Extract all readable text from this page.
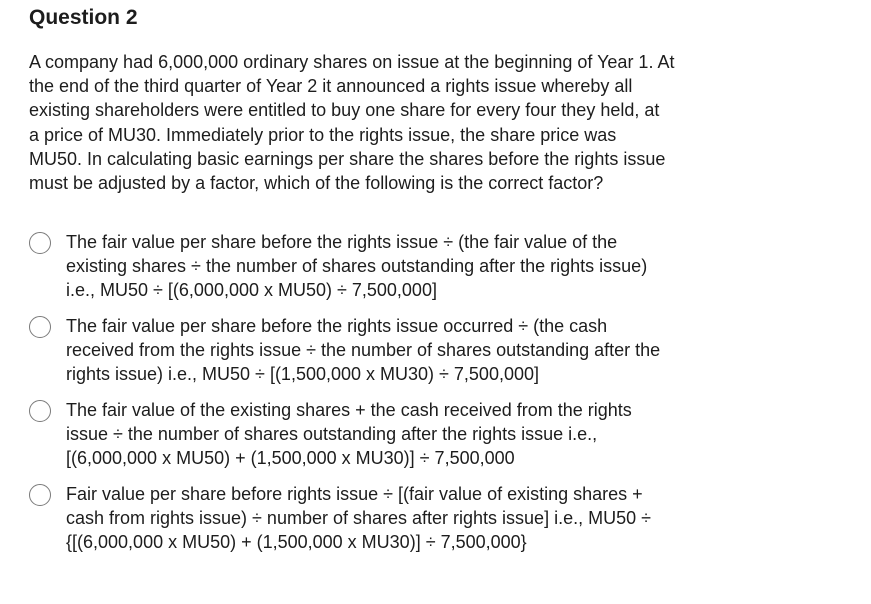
Question 2
A company had 6,000,000 ordinary shares on issue at the beginning of Year 1. At
the end of the third quarter of Year 2 it announced a rights issue whereby all
existing shareholders were entitled to buy one share for every four they held, at
a price of MU30. Immediately prior to the rights issue, the share price was
MU50. In calculating basic earnings per share the shares before the rights issue
must be adjusted by a factor, which of the following is the correct factor?
The fair value per share before the rights issue ÷ (the fair value of the
existing shares ÷ the number of shares outstanding after the rights issue)
i.e., MU50 ÷ [(6,000,000 x MU50) ÷ 7,500,000]
The fair value per share before the rights issue occurred ÷ (the cash
received from the rights issue ÷ the number of shares outstanding after the
rights issue) i.e., MU50 ÷ [(1,500,000 x MU30) ÷ 7,500,000]
The fair value of the existing shares + the cash received from the rights
issue ÷ the number of shares outstanding after the rights issue i.e.,
[(6,000,000 x MU50) + (1,500,000 x MU30)] ÷ 7,500,000
Fair value per share before rights issue ÷ [(fair value of existing shares +
cash from rights issue) ÷ number of shares after rights issue] i.e., MU50 ÷
{[(6,000,000 x MU50) + (1,500,000 x MU30)] ÷ 7,500,000}
